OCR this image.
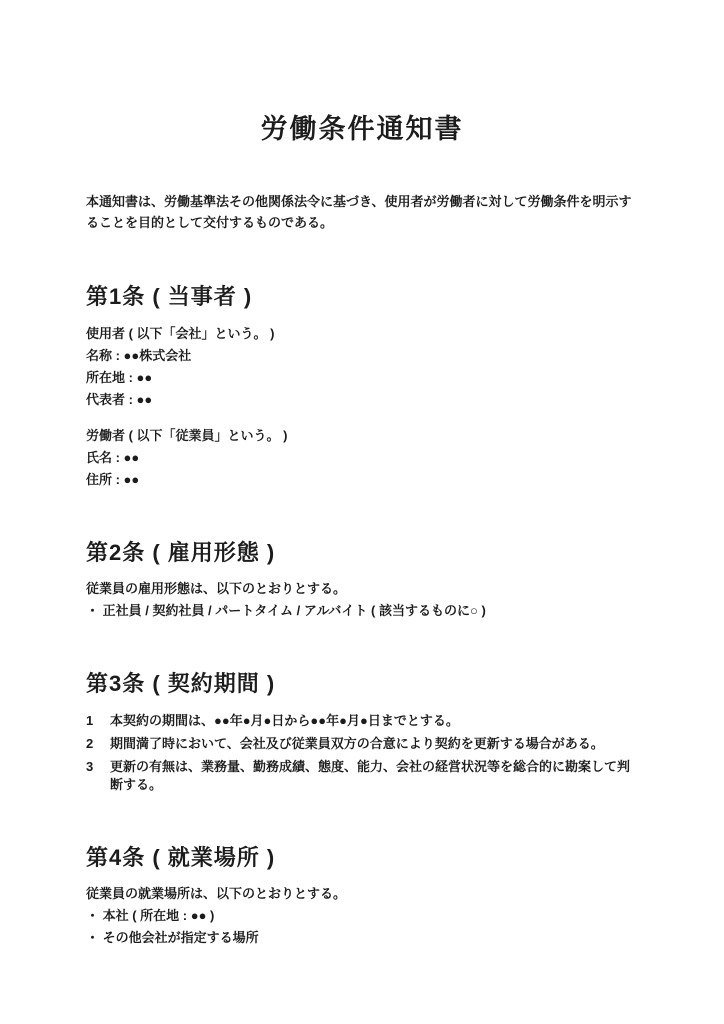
労働条件通知書

本通知書は、労働基準法その他関係法令に基づき、使用者が労働者に対して労働条件を明示することを目的として交付するものである。

第1条 ( 当事者 )

使用者 ( 以下「会社」という。 )

名称 : ●●株式会社

所在地 : ●●

代表者 : ●●

労働者 ( 以下「従業員」という。 )

氏名 : ●●

住所 : ●●

第2条 ( 雇用形態 )

従業員の雇用形態は、以下のとおりとする。

・ 正社員 / 契約社員 / パートタイム / アルバイト ( 該当するものに○ )

第3条 ( 契約期間 )
1	本契約の期間は、●●年●月●日から●●年●月●日までとする。
2	期間満了時において、会社及び従業員双方の合意により契約を更新する場合がある。
3	更新の有無は、業務量、勤務成績、態度、能力、会社の経営状況等を総合的に勘案して判断する。
第4条 ( 就業場所 )

従業員の就業場所は、以下のとおりとする。

・ 本社 ( 所在地 : ●● )

・ その他会社が指定する場所
